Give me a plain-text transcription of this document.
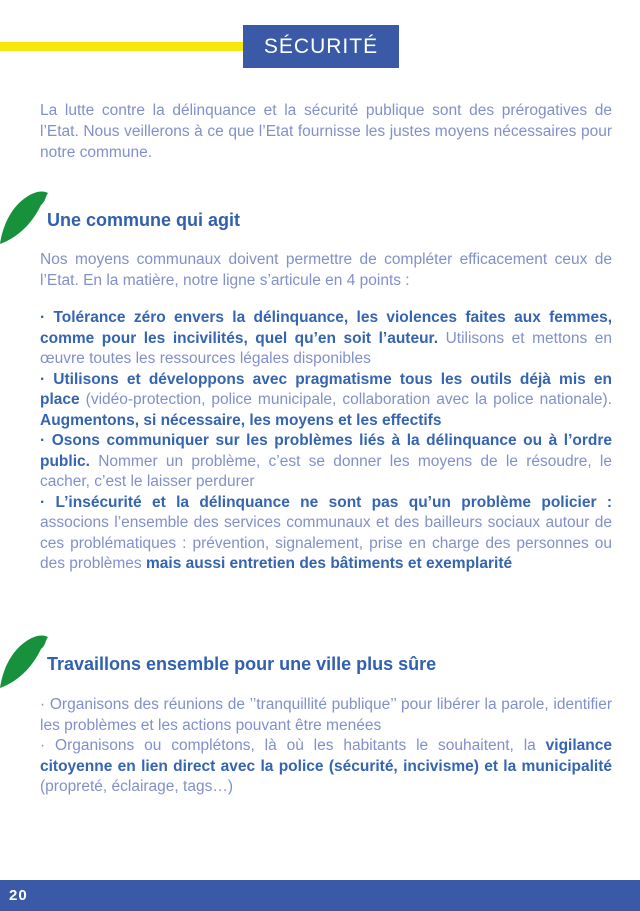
SÉCURITÉ

La lutte contre la délinquance et la sécurité publique sont des prérogatives de l’Etat. Nous veillerons à ce que l’Etat fournisse les justes moyens nécessaires pour notre commune.

Une commune qui agit

Nos moyens communaux doivent permettre de compléter efficacement ceux de l’Etat. En la matière, notre ligne s’articule en 4 points :

· Tolérance zéro envers la délinquance, les violences faites aux femmes, comme pour les incivilités, quel qu’en soit l’auteur. Utilisons et mettons en œuvre toutes les ressources légales disponibles

· Utilisons et développons avec pragmatisme tous les outils déjà mis en place (vidéo-protection, police municipale, collaboration avec la police nationale). Augmentons, si nécessaire, les moyens et les effectifs

· Osons communiquer sur les problèmes liés à la délinquance ou à l’ordre public. Nommer un problème, c’est se donner les moyens de le résoudre, le cacher, c’est le laisser perdurer

· L’insécurité et la délinquance ne sont pas qu’un problème policier : associons l’ensemble des services communaux et des bailleurs sociaux autour de ces problématiques : prévention, signalement, prise en charge des personnes ou des problèmes mais aussi entretien des bâtiments et exemplarité

Travaillons ensemble pour une ville plus sûre

· Organisons des réunions de ’’tranquillité publique’’ pour libérer la parole, identifier les problèmes et les actions pouvant être menées

· Organisons ou complétons, là où les habitants le souhaitent, la vigilance citoyenne en lien direct avec la police (sécurité, incivisme) et la municipalité (propreté, éclairage, tags…)

20
